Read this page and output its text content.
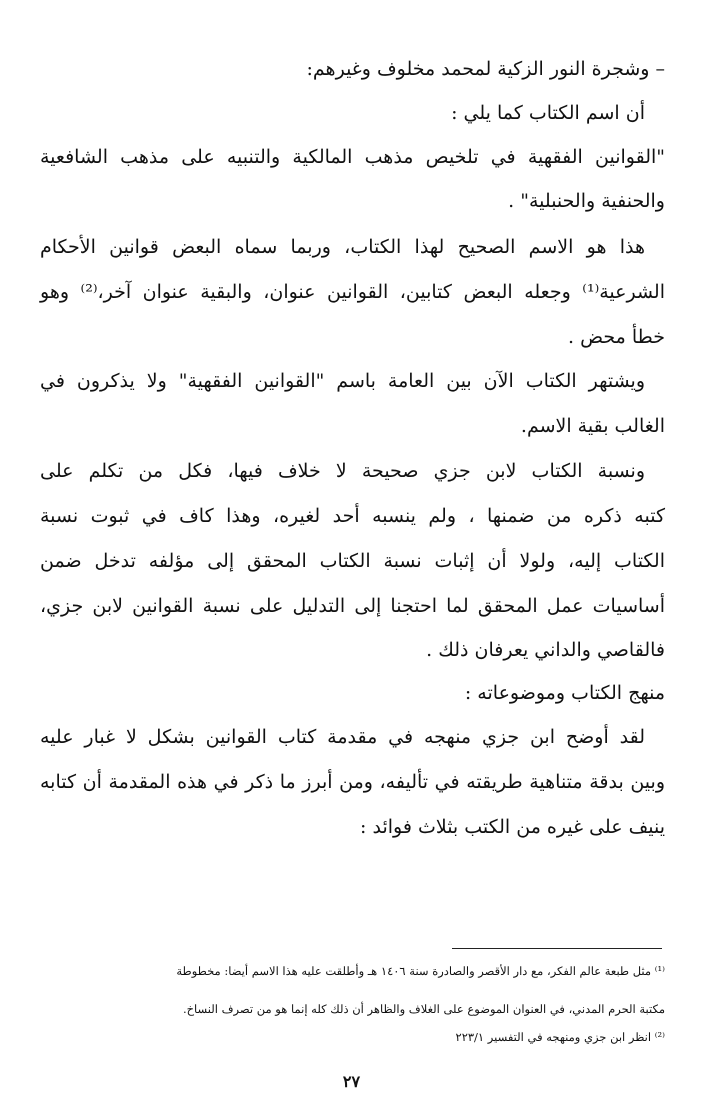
– وشجرة النور الزكية لمحمد مخلوف وغيرهم:
أن اسم الكتاب كما يلي :
"القوانين الفقهية في تلخيص مذهب المالكية والتنبيه على مذهب الشافعية
والحنفية والحنبلية" .
هذا هو الاسم الصحيح لهذا الكتاب، وربما سماه البعض قوانين الأحكام
الشرعية⁽¹⁾ وجعله البعض كتابين، القوانين عنوان، والبقية عنوان آخر،⁽²⁾ وهو
خطأ محض .
ويشتهر الكتاب الآن بين العامة باسم "القوانين الفقهية" ولا يذكرون في
الغالب بقية الاسم.
ونسبة الكتاب لابن جزي صحيحة لا خلاف فيها، فكل من تكلم على
كتبه ذكره من ضمنها ، ولم ينسبه أحد لغيره، وهذا كاف في ثبوت نسبة
الكتاب إليه، ولولا أن إثبات نسبة الكتاب المحقق إلى مؤلفه تدخل ضمن
أساسيات عمل المحقق لما احتجنا إلى التدليل على نسبة القوانين لابن جزي،
فالقاصي والداني يعرفان ذلك .
منهج الكتاب وموضوعاته :
لقد أوضح ابن جزي منهجه في مقدمة كتاب القوانين بشكل لا غبار عليه
وبين بدقة متناهية طريقته في تأليفه، ومن أبرز ما ذكر في هذه المقدمة أن كتابه
ينيف على غيره من الكتب بثلاث فوائد :
⁽¹⁾ مثل طبعة عالم الفكر، مع دار الأقصر والصادرة سنة ١٤٠٦ هـ وأطلقت عليه هذا الاسم أيضا: مخطوطة
مكتبة الحرم المدني، في العنوان الموضوع على الغلاف والظاهر أن ذلك كله إنما هو من تصرف النساخ.
⁽²⁾ انظر ابن جزي ومنهجه في التفسير ٢٢٣/١
٢٧
